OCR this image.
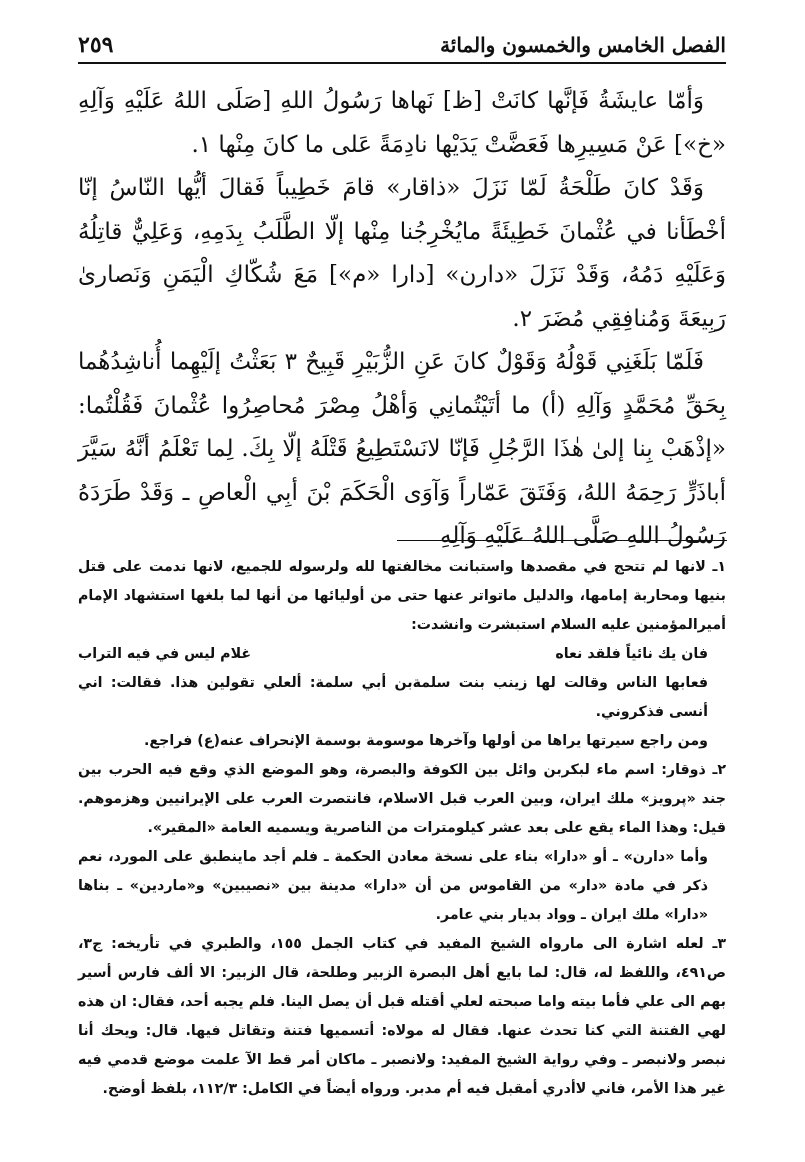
الفصل الخامس والخمسون والمائة
٢٥٩

وَأمّا عايشَةُ فَإنَّها كانَتْ [ظ] نَهاها رَسُولُ اللهِ [صَلَى اللهُ عَلَيْهِ وَآلِهِ «خ»] عَنْ مَسِيرِها فَعَضَّتْ يَدَيْها نادِمَةً عَلى ما كانَ مِنْها ١.

وَقَدْ كانَ طَلْحَةُ لَمّا نَزَلَ «ذاقار» قامَ خَطِيباً فَقالَ أيُّها النّاسُ إنّا أخْطَأنا في عُثْمانَ خَطِيئَةً مايُخْرِجُنا مِنْها إلّا الطَّلَبُ بِدَمِهِ، وَعَلِيٌّ قاتِلُهُ وَعَلَيْهِ دَمُهُ، وَقَدْ نَزَلَ «دارن» [دارا «م»] مَعَ شُكّاكِ الْيَمَنِ وَنَصارىٰ رَبِيعَةَ وَمُنافِقِي مُضَرَ ٢.

فَلَمّا بَلَغَنِي قَوْلُهُ وَقَوْلٌ كانَ عَنِ الزُّبَيْرِ قَبِيحٌ ٣ بَعَثْتُ إلَيْهِما أُناشِدُهُما بِحَقِّ مُحَمَّدٍ وَآلِهِ (أ) ما أتَيْتُمانِي وَأهْلُ مِصْرَ مُحاصِرُوا عُثْمانَ فَقُلْتُما: «إذْهَبْ بِنا إلىٰ هٰذَا الرَّجُلِ فَإنّا لانَسْتَطِيعُ قَتْلَهُ إلّا بِكَ. لِما تَعْلَمُ أنَّهُ سَيَّرَ أباذَرٍّ رَحِمَهُ اللهُ، وَفَتَقَ عَمّاراً وَآوَى الْحَكَمَ بْنَ أبِي الْعاصِ ـ وَقَدْ طَرَدَهُ رَسُولُ اللهِ صَلَّى اللهُ عَلَيْهِ وَآلِهِ

١ـ لانها لم تتحج في مقصدها واستبانت مخالفتها لله ولرسوله للجميع، لانها ندمت على قتل بنيها ومحاربة إمامها، والدليل ماتواتر عنها حتى من أوليائها من أنها لما بلغها استشهاد الإمام أميرالمؤمنين عليه السلام استبشرت وانشدت:

فان يك نائياً فلقد نعاه
غلام ليس في فيه التراب

فعابها الناس وقالت لها زينب بنت سلمةبن أبي سلمة: ألعلي تقولين هذا. فقالت: اني أنسى فذكروني.

ومن راجع سيرتها يراها من أولها وآخرها موسومة بوسمة الإنحراف عنه(ع) فراجع.

٢ـ ذوقار: اسم ماء لبكربن وائل بين الكوفة والبصرة، وهو الموضع الذي وقع فيه الحرب بين جند «پرويز» ملك ايران، وبين العرب قبل الاسلام، فانتصرت العرب على الإيرانيين وهزموهم. قيل: وهذا الماء يقع على بعد عشر كيلومترات من الناصرية ويسميه العامة «المقير».

وأما «دارن» ـ أو «دارا» بناء على نسخة معادن الحكمة ـ فلم أجد ماينطبق على المورد، نعم ذكر في مادة «دار» من القاموس من أن «دارا» مدينة بين «نصيبين» و«ماردين» ـ بناها «دارا» ملك ايران ـ وواد بديار بني عامر.

٣ـ لعله اشارة الى مارواه الشيخ المفيد في كتاب الجمل ١٥٥، والطبري في تأريخه: ج٣، ص٤٩١، واللفظ له، قال: لما بايع أهل البصرة الزبير وطلحة، قال الزبير: الا ألف فارس أسير بهم الى علي فأما بيته واما صبحته لعلي أقتله قبل أن يصل الينا. فلم يجبه أحد، فقال: ان هذه لهي الفتنة التي كنا تحدث عنها. فقال له مولاه: أتسميها فتنة وتقاتل فيها. قال: ويحك أنا نبصر ولانبصر ـ وفي رواية الشيخ المفيد: ولانصبر ـ ماكان أمر قط الآ علمت موضع قدمي فيه غير هذا الأمر، فاني لاأدري أمقبل فيه أم مدبر. ورواه أيضاً في الكامل: ١١٢/٣، بلفظ أوضح.
